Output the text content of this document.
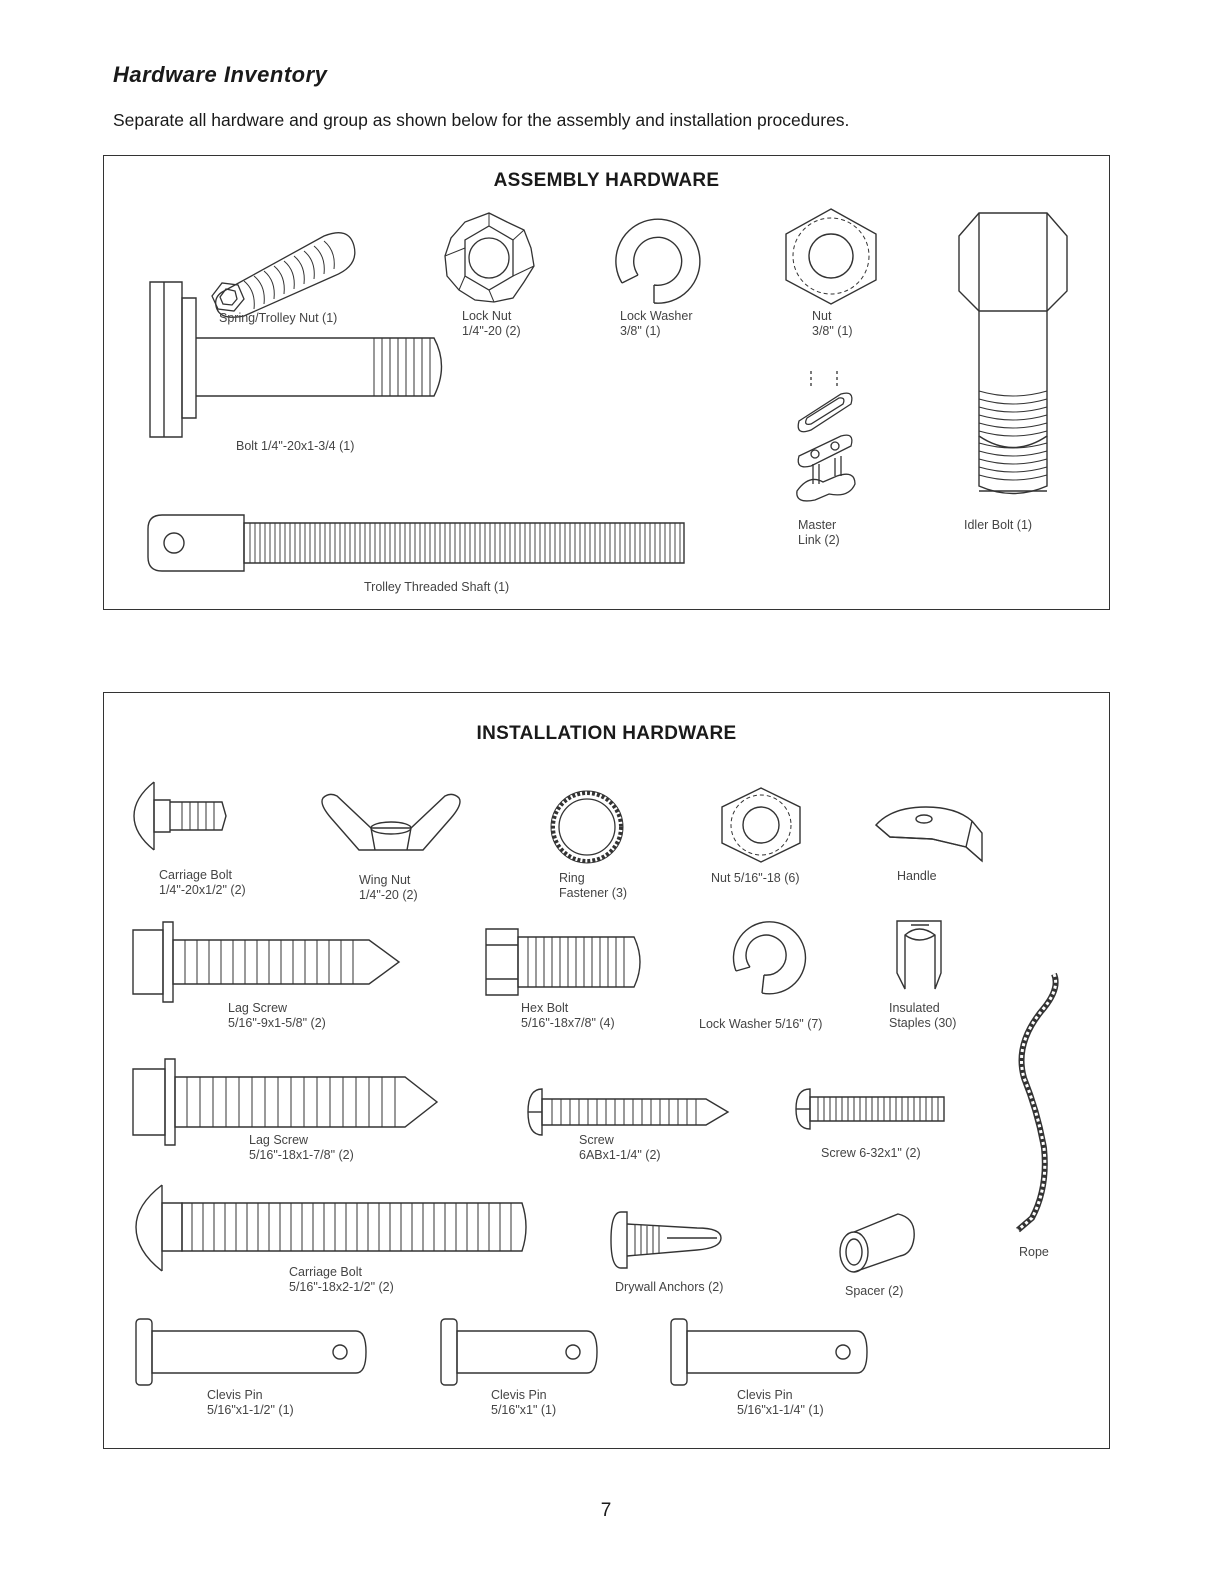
Hardware Inventory
Separate all hardware and group as shown below for the assembly and installation procedures.
ASSEMBLY HARDWARE
Spring/Trolley Nut (1)	Lock Nut
1/4"-20 (2)
Lock Washer
3/8" (1)
Nut
3/8" (1)
Idler Bolt (1)
Bolt 1/4"-20x1-3/4 (1)
Master
Link (2)
Trolley Threaded Shaft (1)
INSTALLATION HARDWARE
Carriage Bolt
1/4"-20x1/2" (2)
Wing Nut
1/4"-20 (2)
Ring
Fastener (3)
Nut 5/16"-18 (6)	Handle
Lag Screw
5/16"-9x1-5/8" (2)
Hex Bolt
5/16"-18x7/8" (4)	Lock Washer 5/16" (7)
Insulated
Staples (30)
Rope
Lag Screw
5/16"-18x1-7/8" (2)
Screw
6ABx1-1/4" (2)	Screw 6-32x1" (2)
Carriage Bolt
5/16"-18x2-1/2" (2)	Drywall Anchors (2)	Spacer (2)
Clevis Pin
5/16"x1-1/2" (1)
Clevis Pin
5/16"x1" (1)
Clevis Pin
5/16"x1-1/4" (1)
7
